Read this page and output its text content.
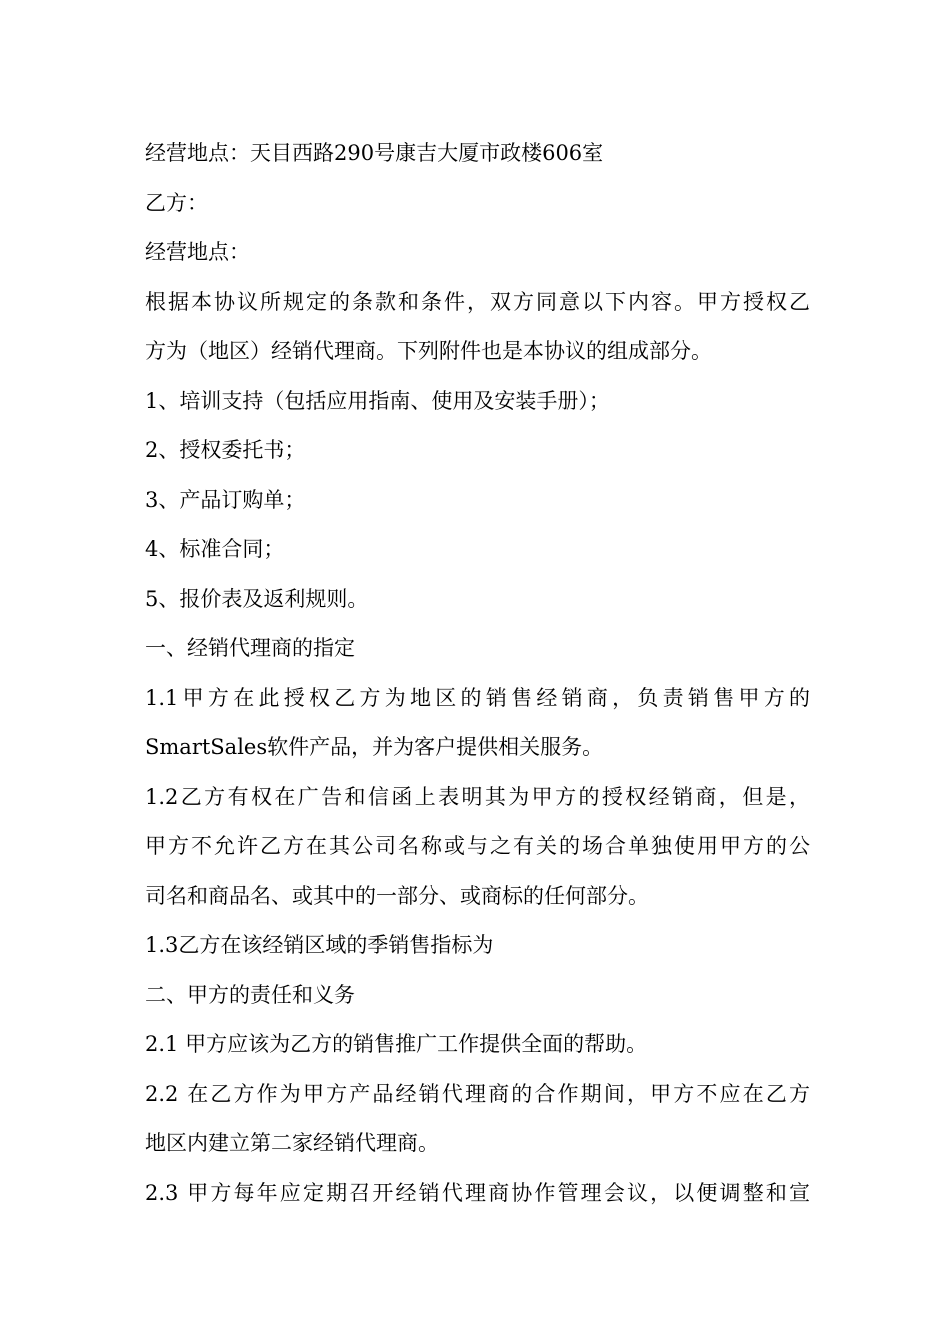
经营地点：天目西路290号康吉大厦市政楼606室
乙方：
经营地点：
根据本协议所规定的条款和条件，双方同意以下内容。甲方授权乙
方为（地区）经销代理商。下列附件也是本协议的组成部分。
1、培训支持（包括应用指南、使用及安装手册）；
2、授权委托书；
3、产品订购单；
4、标准合同；
5、报价表及返利规则。
一、经销代理商的指定
1.1甲方在此授权乙方为地区的销售经销商，负责销售甲方的
SmartSales软件产品，并为客户提供相关服务。
1.2乙方有权在广告和信函上表明其为甲方的授权经销商，但是，
甲方不允许乙方在其公司名称或与之有关的场合单独使用甲方的公
司名和商品名、或其中的一部分、或商标的任何部分。
1.3乙方在该经销区域的季销售指标为
二、甲方的责任和义务
2.1 甲方应该为乙方的销售推广工作提供全面的帮助。
2.2 在乙方作为甲方产品经销代理商的合作期间，甲方不应在乙方
地区内建立第二家经销代理商。
2.3 甲方每年应定期召开经销代理商协作管理会议，以便调整和宣
